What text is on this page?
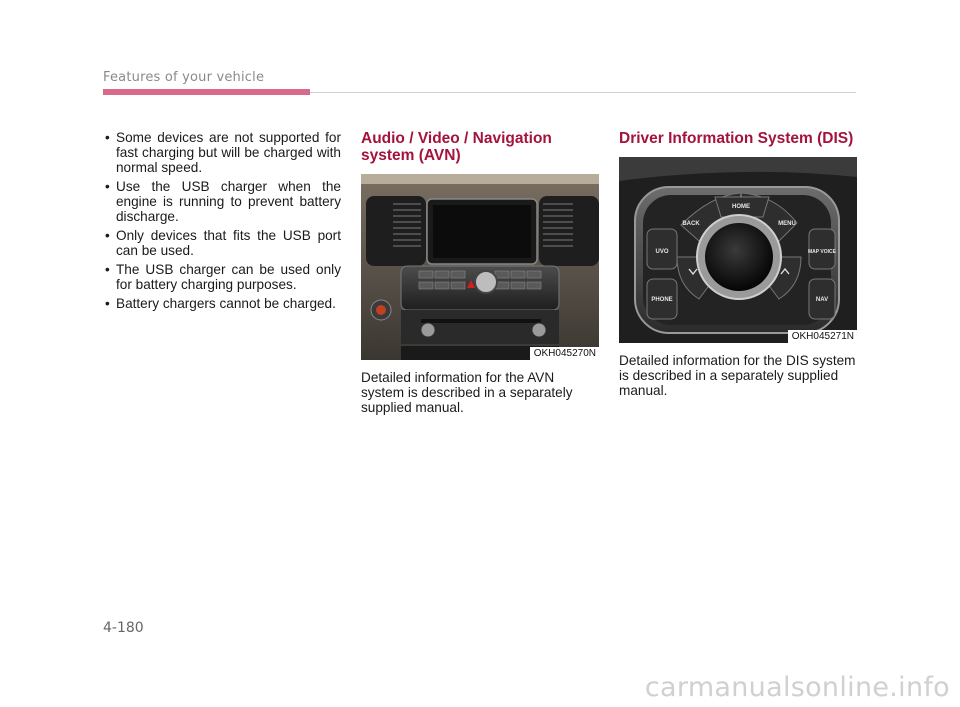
Features of your vehicle
• Some devices are not supported for fast charging but will be charged with normal speed.
• Use the USB charger when the engine is running to prevent battery discharge.
• Only devices that fits the USB port can be used.
• The USB charger can be used only for battery charging purposes.
• Battery chargers cannot be charged.
Audio / Video / Navigation system (AVN)
OKH045270N
Detailed information for the AVN system is described in a separately supplied manual.
Driver Information System (DIS)
HOME
BACK	MENU
UVO	MAP VOICE
PHONE	NAV
OKH045271N
Detailed information for the DIS system is described in a separately supplied manual.
4-180
carmanualsonline.info
